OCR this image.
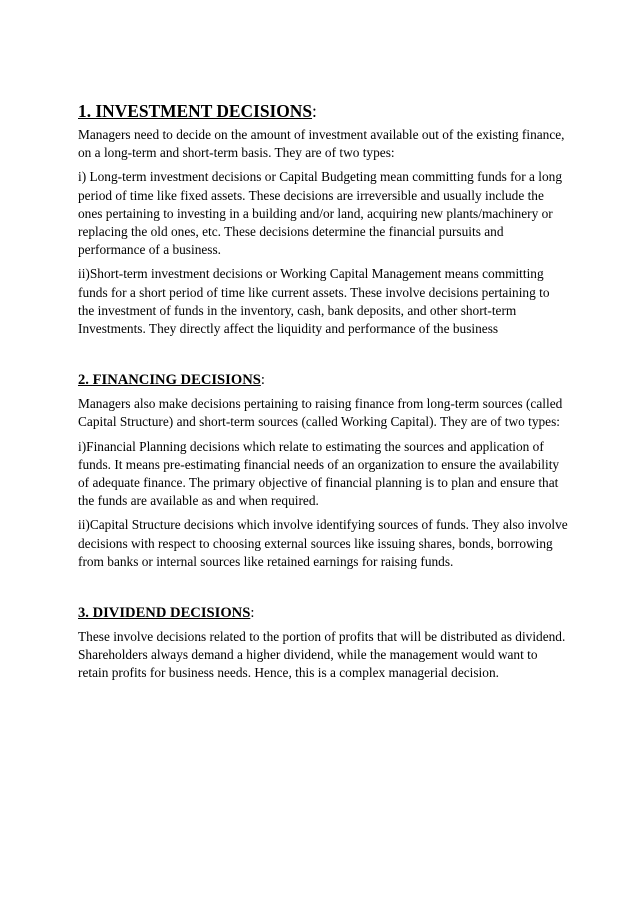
1. INVESTMENT DECISIONS:

Managers need to decide on the amount of investment available out of the existing finance, on a long-term and short-term basis. They are of two types:

i) Long-term investment decisions or Capital Budgeting mean committing funds for a long period of time like fixed assets. These decisions are irreversible and usually include the ones pertaining to investing in a building and/or land, acquiring new plants/machinery or replacing the old ones, etc. These decisions determine the financial pursuits and performance of a business.

ii)Short-term investment decisions or Working Capital Management means committing funds for a short period of time like current assets. These involve decisions pertaining to the investment of funds in the inventory, cash, bank deposits, and other short-term Investments. They directly affect the liquidity and performance of the business

2. FINANCING DECISIONS:

Managers also make decisions pertaining to raising finance from long-term sources (called Capital Structure) and short-term sources (called Working Capital). They are of two types:

i)Financial Planning decisions which relate to estimating the sources and application of funds. It means pre-estimating financial needs of an organization to ensure the availability of adequate finance. The primary objective of financial planning is to plan and ensure that the funds are available as and when required.

ii)Capital Structure decisions which involve identifying sources of funds. They also involve decisions with respect to choosing external sources like issuing shares, bonds, borrowing from banks or internal sources like retained earnings for raising funds.

3. DIVIDEND DECISIONS:

These involve decisions related to the portion of profits that will be distributed as dividend. Shareholders always demand a higher dividend, while the management would want to retain profits for business needs. Hence, this is a complex managerial decision.
